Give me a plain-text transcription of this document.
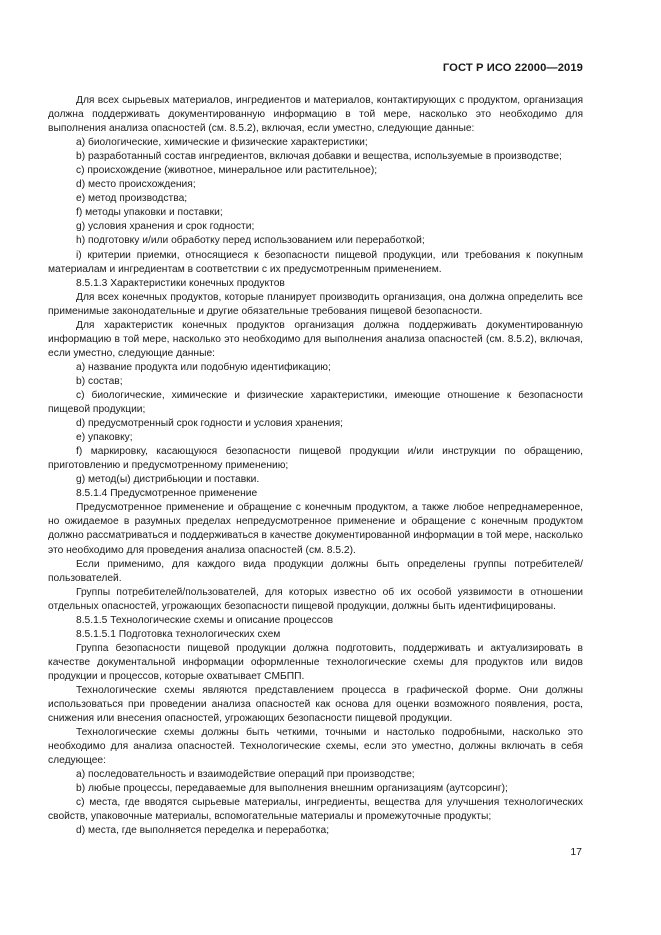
ГОСТ Р ИСО 22000—2019

Для всех сырьевых материалов, ингредиентов и материалов, контактирующих с продуктом, организация должна поддерживать документированную информацию в той мере, насколько это необходимо для выполнения анализа опасностей (см. 8.5.2), включая, если уместно, следующие данные:

a) биологические, химические и физические характеристики;

b) разработанный состав ингредиентов, включая добавки и вещества, используемые в производстве;

c) происхождение (животное, минеральное или растительное);

d) место происхождения;

e) метод производства;

f) методы упаковки и поставки;

g) условия хранения и срок годности;

h) подготовку и/или обработку перед использованием или переработкой;

i) критерии приемки, относящиеся к безопасности пищевой продукции, или требования к покупным материалам и ингредиентам в соответствии с их предусмотренным применением.

8.5.1.3 Характеристики конечных продуктов

Для всех конечных продуктов, которые планирует производить организация, она должна определить все применимые законодательные и другие обязательные требования пищевой безопасности.

Для характеристик конечных продуктов организация должна поддерживать документированную информацию в той мере, насколько это необходимо для выполнения анализа опасностей (см. 8.5.2), включая, если уместно, следующие данные:

a) название продукта или подобную идентификацию;

b) состав;

c) биологические, химические и физические характеристики, имеющие отношение к безопасности пищевой продукции;

d) предусмотренный срок годности и условия хранения;

e) упаковку;

f) маркировку, касающуюся безопасности пищевой продукции и/или инструкции по обращению, приготовлению и предусмотренному применению;

g) метод(ы) дистрибьюции и поставки.

8.5.1.4 Предусмотренное применение

Предусмотренное применение и обращение с конечным продуктом, а также любое непреднамеренное, но ожидаемое в разумных пределах непредусмотренное применение и обращение с конечным продуктом должно рассматриваться и поддерживаться в качестве документированной информации в той мере, насколько это необходимо для проведения анализа опасностей (см. 8.5.2).

Если применимо, для каждого вида продукции должны быть определены группы потребителей/пользователей.

Группы потребителей/пользователей, для которых известно об их особой уязвимости в отношении отдельных опасностей, угрожающих безопасности пищевой продукции, должны быть идентифицированы.

8.5.1.5 Технологические схемы и описание процессов

8.5.1.5.1 Подготовка технологических схем

Группа безопасности пищевой продукции должна подготовить, поддерживать и актуализировать в качестве документальной информации оформленные технологические схемы для продуктов или видов продукции и процессов, которые охватывает СМБПП.

Технологические схемы являются представлением процесса в графической форме. Они должны использоваться при проведении анализа опасностей как основа для оценки возможного появления, роста, снижения или внесения опасностей, угрожающих безопасности пищевой продукции.

Технологические схемы должны быть четкими, точными и настолько подробными, насколько это необходимо для анализа опасностей. Технологические схемы, если это уместно, должны включать в себя следующее:

a) последовательность и взаимодействие операций при производстве;

b) любые процессы, передаваемые для выполнения внешним организациям (аутсорсинг);

c) места, где вводятся сырьевые материалы, ингредиенты, вещества для улучшения технологических свойств, упаковочные материалы, вспомогательные материалы и промежуточные продукты;

d) места, где выполняется переделка и переработка;

17
